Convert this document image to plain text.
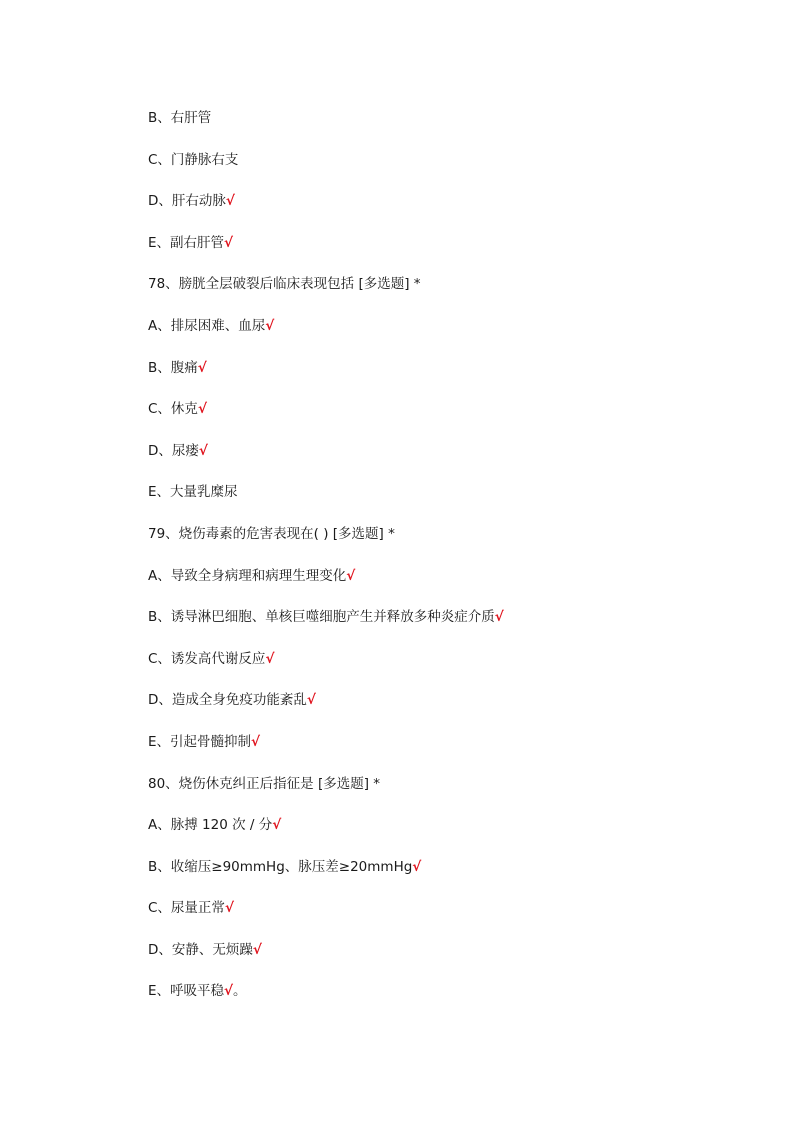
B、右肝管
C、门静脉右支
D、肝右动脉√
E、副右肝管√
78、膀胱全层破裂后临床表现包括 [多选题] *
A、排尿困难、血尿√
B、腹痛√
C、休克√
D、尿瘘√
E、大量乳糜尿
79、烧伤毒素的危害表现在( ) [多选题] *
A、导致全身病理和病理生理变化√
B、诱导淋巴细胞、单核巨噬细胞产生并释放多种炎症介质√
C、诱发高代谢反应√
D、造成全身免疫功能紊乱√
E、引起骨髓抑制√
80、烧伤休克纠正后指征是 [多选题] *
A、脉搏 120 次 / 分√
B、收缩压≥90mmHg、脉压差≥20mmHg√
C、尿量正常√
D、安静、无烦躁√
E、呼吸平稳√。
